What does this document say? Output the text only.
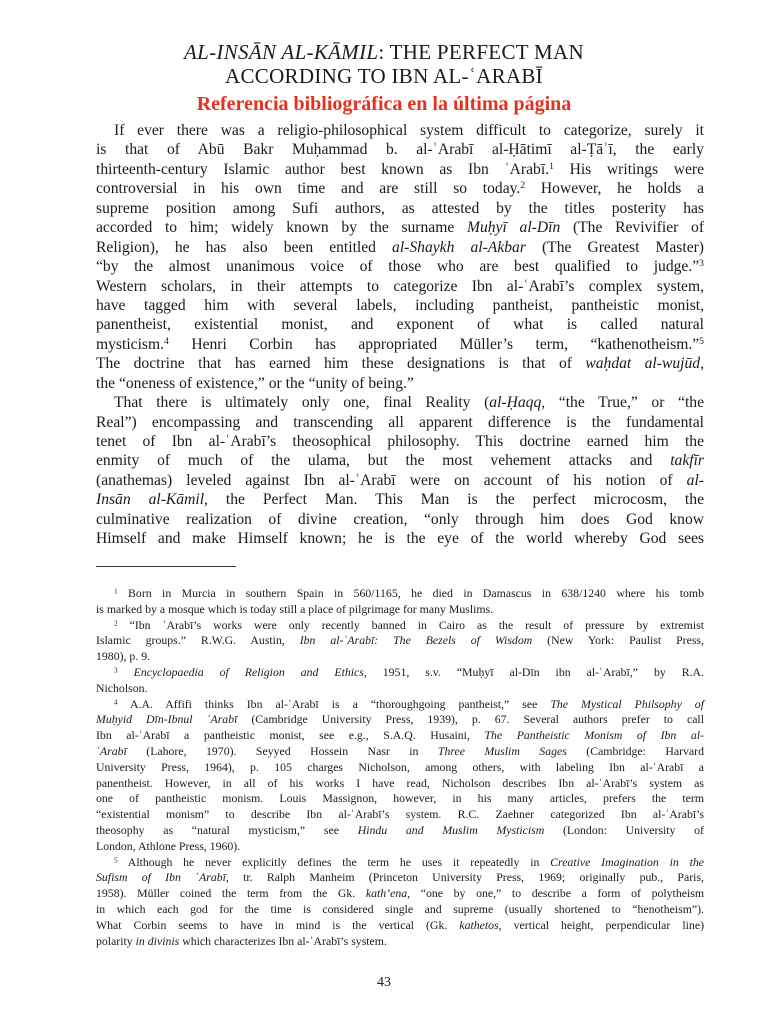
AL-INSĀN AL-KĀMIL: THE PERFECT MAN
ACCORDING TO IBN AL-ʿARABĪ
Referencia bibliográfica en la última página
If ever there was a religio-philosophical system difficult to categorize, surely it
is that of Abū Bakr Muḥammad b. al-ʿArabī al-Ḥātimī al-Ṭāʾī, the early
thirteenth-century Islamic author best known as Ibn ʿArabī.$^1$ His writings were
controversial in his own time and are still so today.$^2$ However, he holds a
supreme position among Sufi authors, as attested by the titles posterity has
accorded to him; widely known by the surname Muḥyī al-Dīn (The Revivifier of
Religion), he has also been entitled al-Shaykh al-Akbar (The Greatest Master)
“by the almost unanimous voice of those who are best qualified to judge.”$^3$
Western scholars, in their attempts to categorize Ibn al-ʿArabī’s complex system,
have tagged him with several labels, including pantheist, pantheistic monist,
panentheist, existential monist, and exponent of what is called natural
mysticism.$^4$ Henri Corbin has appropriated Müller’s term, “kathenotheism.”$^5$
The doctrine that has earned him these designations is that of waḥdat al-wujūd,
the “oneness of existence,” or the “unity of being.”
That there is ultimately only one, final Reality (al-Ḥaqq, “the True,” or “the
Real”) encompassing and transcending all apparent difference is the fundamental
tenet of Ibn al-ʿArabī’s theosophical philosophy. This doctrine earned him the
enmity of much of the ulama, but the most vehement attacks and takfīr
(anathemas) leveled against Ibn al-ʿArabī were on account of his notion of al-
Insān al-Kāmil, the Perfect Man. This Man is the perfect microcosm, the
culminative realization of divine creation, “only through him does God know
Himself and make Himself known; he is the eye of the world whereby God sees
$^1$ Born in Murcia in southern Spain in 560/1165, he died in Damascus in 638/1240 where his tomb
is marked by a mosque which is today still a place of pilgrimage for many Muslims.
$^2$ “Ibn ʿArabī’s works were only recently banned in Cairo as the result of pressure by extremist
Islamic groups.” R.W.G. Austin, Ibn al-ʿArabī: The Bezels of Wisdom (New York: Paulist Press,
1980), p. 9.
$^3$ Encyclopaedia of Religion and Ethics, 1951, s.v. “Muḥyī al-Dīn ibn al-ʿArabī,” by R.A.
Nicholson.
$^4$ A.A. Affifi thinks Ibn al-ʿArabī is a “thoroughgoing pantheist,” see The Mystical Philsophy of
Muḥyid Dīn-Ibnul ʿArabī (Cambridge University Press, 1939), p. 67. Several authors prefer to call
Ibn al-ʿArabī a pantheistic monist, see e.g., S.A.Q. Husaini, The Pantheistic Monism of Ibn al-
ʿArabī (Lahore, 1970). Seyyed Hossein Nasr in Three Muslim Sages (Cambridge: Harvard
University Press, 1964), p. 105 charges Nicholson, among others, with labeling Ibn al-ʿArabī a
panentheist. However, in all of his works I have read, Nicholson describes Ibn al-ʿArabī’s system as
one of pantheistic monism. Louis Massignon, however, in his many articles, prefers the term
“existential monism” to describe Ibn al-ʿArabī’s system. R.C. Zaehner categorized Ibn al-ʿArabī’s
theosophy as “natural mysticism,” see Hindu and Muslim Mysticism (London: University of
London, Athlone Press, 1960).
$^5$ Although he never explicitly defines the term he uses it repeatedly in Creative Imagination in the
Sufism of Ibn ʿArabī, tr. Ralph Manheim (Princeton University Press, 1969; originally pub., Paris,
1958). Müller coined the term from the Gk. kath’ena, “one by one,” to describe a form of polytheism
in which each god for the time is considered single and supreme (usually shortened to “henotheism”).
What Corbin seems to have in mind is the vertical (Gk. kathetos, vertical height, perpendicular line)
polarity in divinis which characterizes Ibn al-ʿArabī’s system.
43
